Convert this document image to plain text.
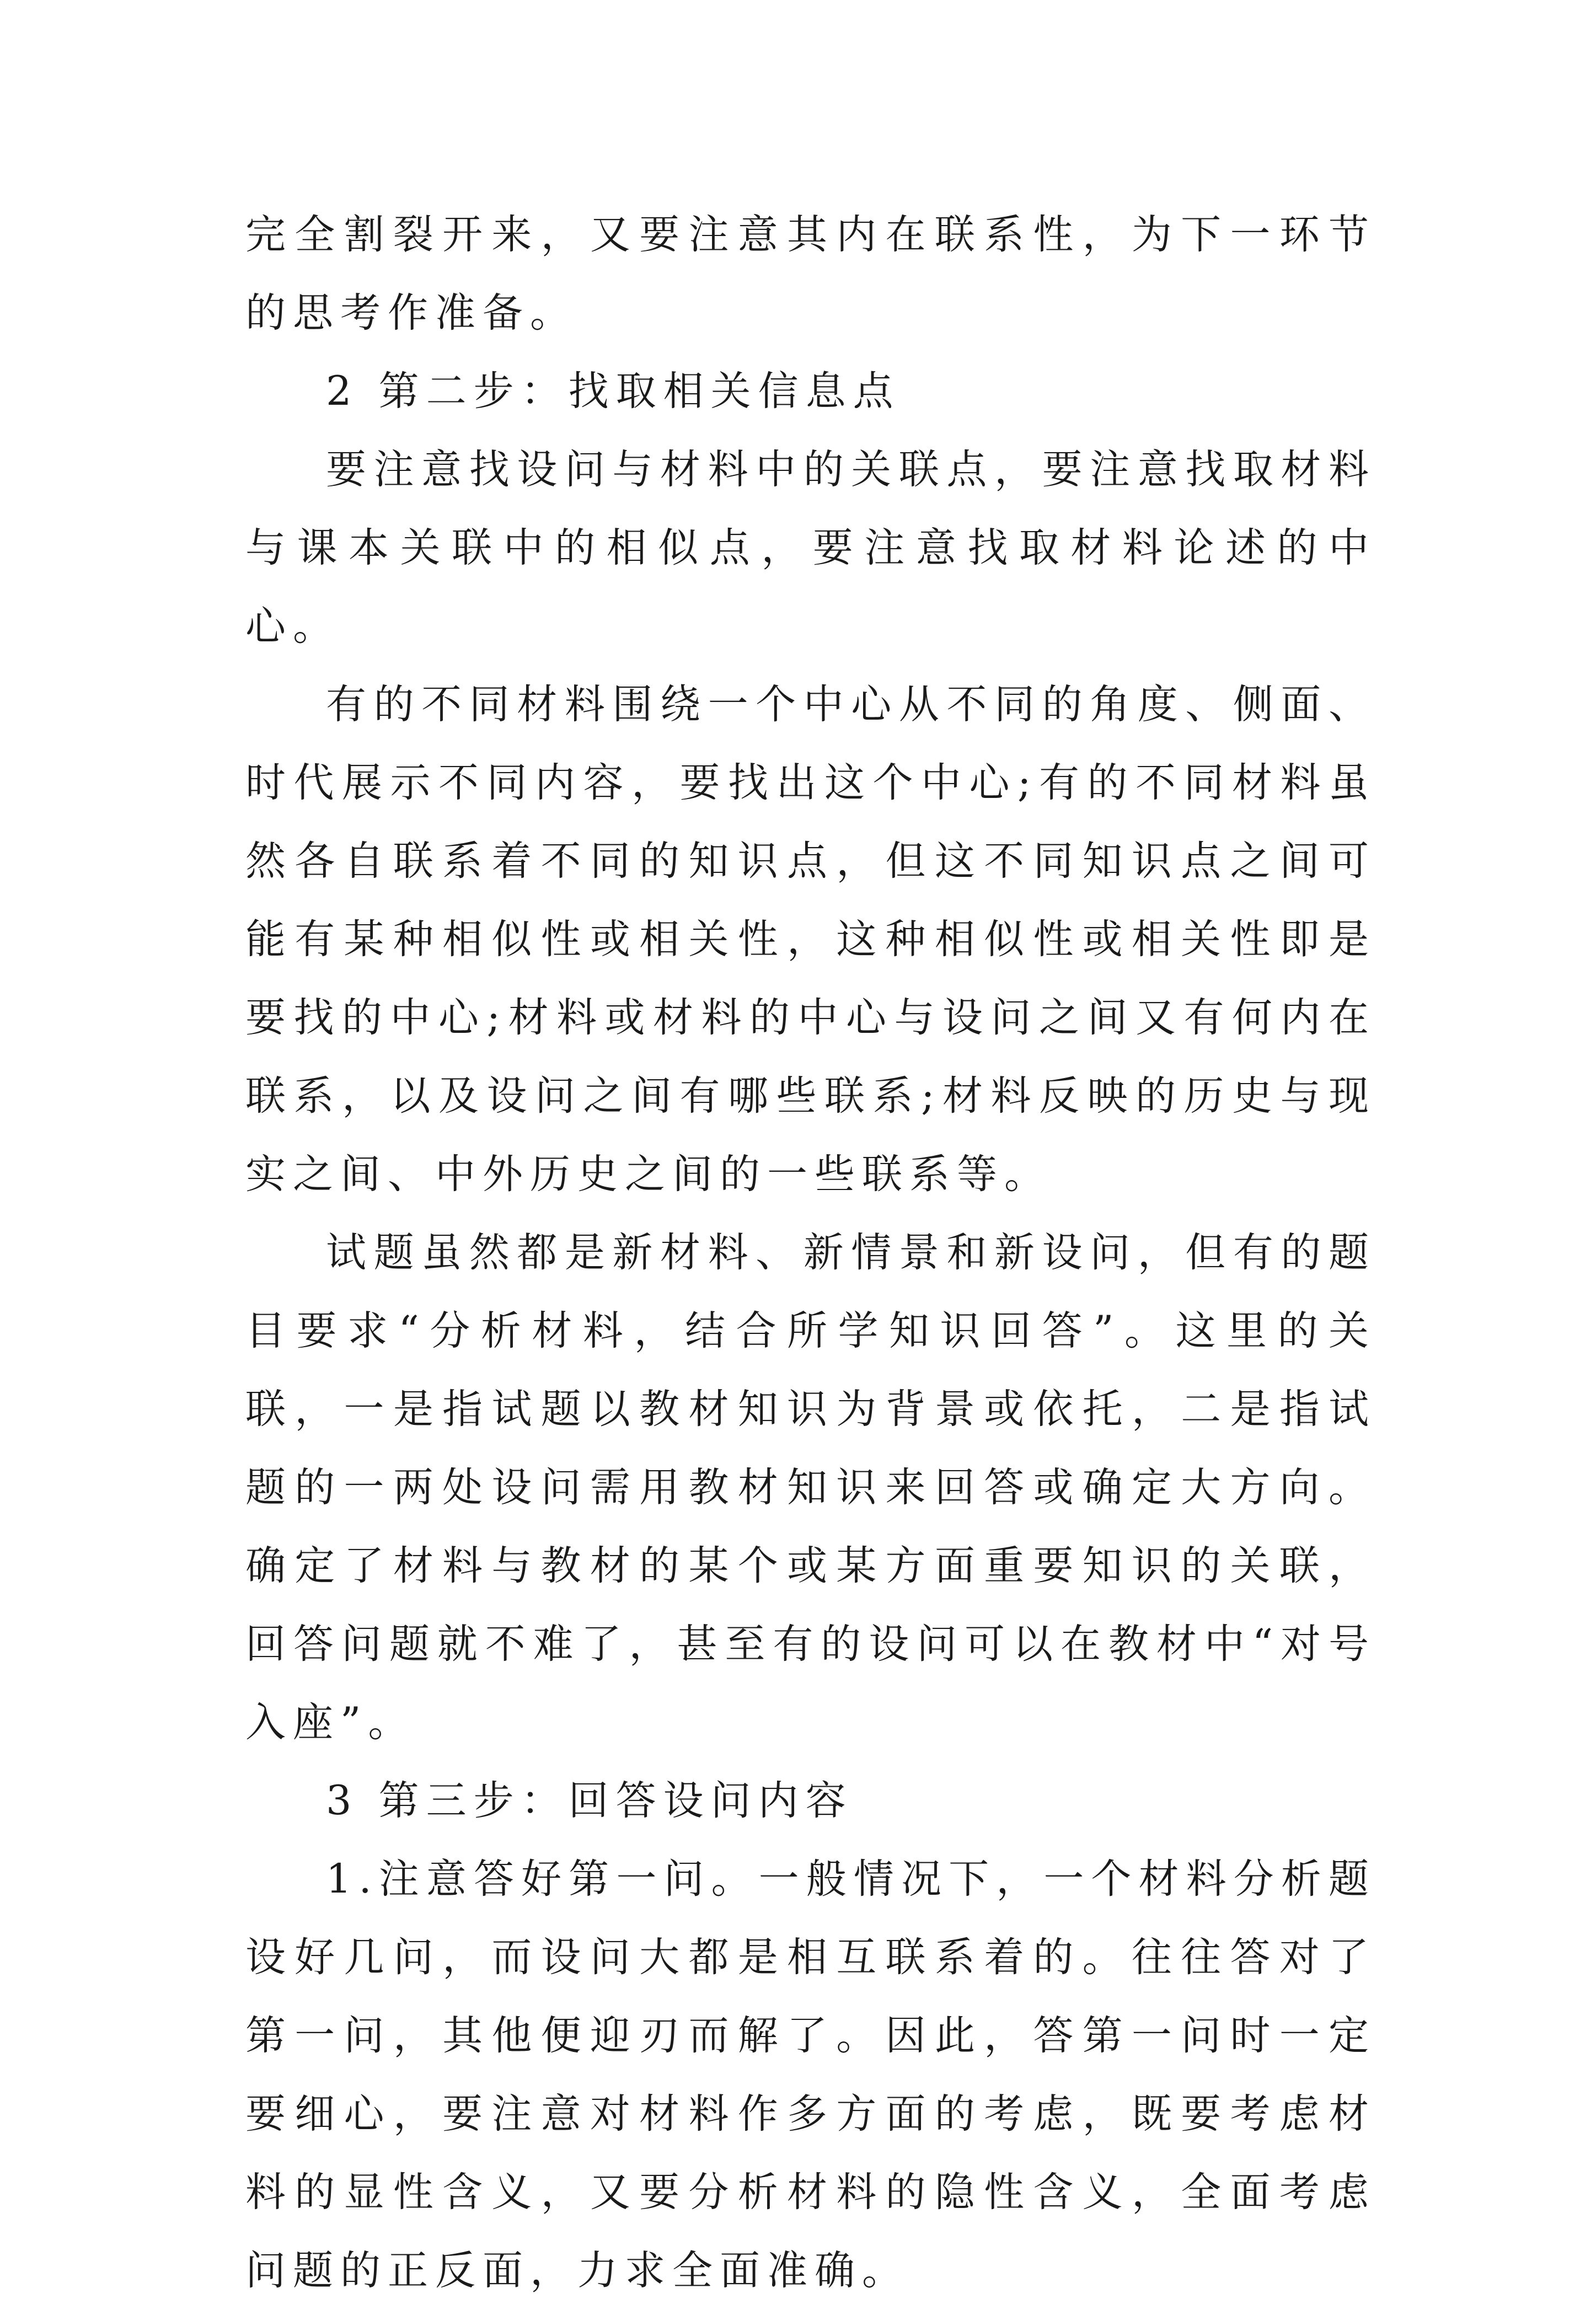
完全割裂开来，又要注意其内在联系性，为下一环节的思考作准备。

2 第二步：找取相关信息点

要注意找设问与材料中的关联点，要注意找取材料与课本关联中的相似点，要注意找取材料论述的中心。

有的不同材料围绕一个中心从不同的角度、侧面、时代展示不同内容，要找出这个中心;有的不同材料虽然各自联系着不同的知识点，但这不同知识点之间可能有某种相似性或相关性，这种相似性或相关性即是要找的中心;材料或材料的中心与设问之间又有何内在联系，以及设问之间有哪些联系;材料反映的历史与现实之间、中外历史之间的一些联系等。

试题虽然都是新材料、新情景和新设问，但有的题目要求“分析材料，结合所学知识回答”。这里的关联，一是指试题以教材知识为背景或依托，二是指试题的一两处设问需用教材知识来回答或确定大方向。确定了材料与教材的某个或某方面重要知识的关联，回答问题就不难了，甚至有的设问可以在教材中“对号入座”。

3 第三步：回答设问内容

1.注意答好第一问。一般情况下，一个材料分析题设好几问，而设问大都是相互联系着的。往往答对了第一问，其他便迎刃而解了。因此，答第一问时一定要细心，要注意对材料作多方面的考虑，既要考虑材料的显性含义，又要分析材料的隐性含义，全面考虑问题的正反面，力求全面准确。
